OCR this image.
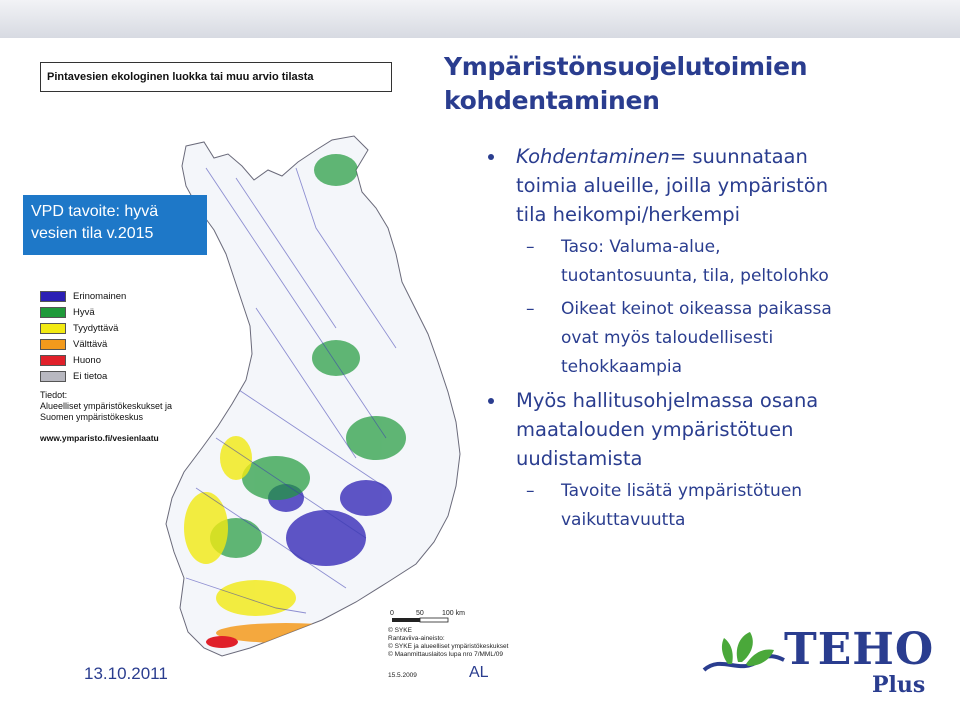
Pintavesien ekologinen luokka tai muu arvio tilasta
VPD tavoite: hyvä
vesien tila v.2015
Erinomainen
Hyvä
Tyydyttävä
Välttävä
Huono
Ei tietoa
Tiedot:
Alueelliset ympäristökeskukset ja
Suomen ympäristökeskus
www.ymparisto.fi/vesienlaatu
Ympäristönsuojelutoimien
kohdentaminen
Kohdentaminen= suunnataan
toimia alueille, joilla ympäristön
tila heikompi/herkempi
– Taso: Valuma-alue,
tuotantosuunta, tila, peltolohko
– Oikeat keinot oikeassa paikassa
ovat myös taloudellisesti
tehokkaampia
Myös hallitusohjelmassa osana
maatalouden ympäristötuen
uudistamista
– Tavoite lisätä ympäristötuen
vaikuttavuutta
0	50	100 km
© SYKE
Rantaviiva-aineisto:
© SYKE ja alueelliset ympäristökeskukset
© Maanmittauslaitos lupa nro 7/MML/09
15.5.2009
13.10.2011	AL	TEHO
Plus
